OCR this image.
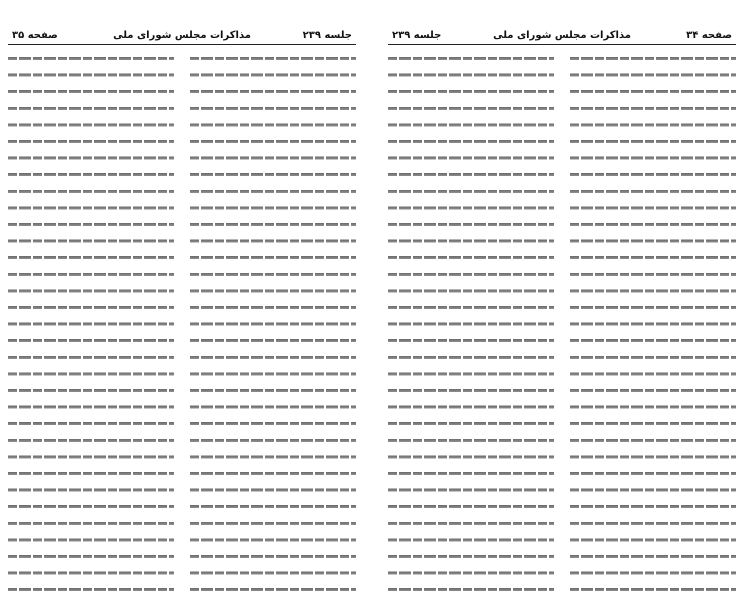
جلسه ۲۳۹
مذاکرات مجلس شورای ملی
صفحه ۳۵	صفحه ۳۴
مذاکرات مجلس شورای ملی
جلسه ۲۳۹
